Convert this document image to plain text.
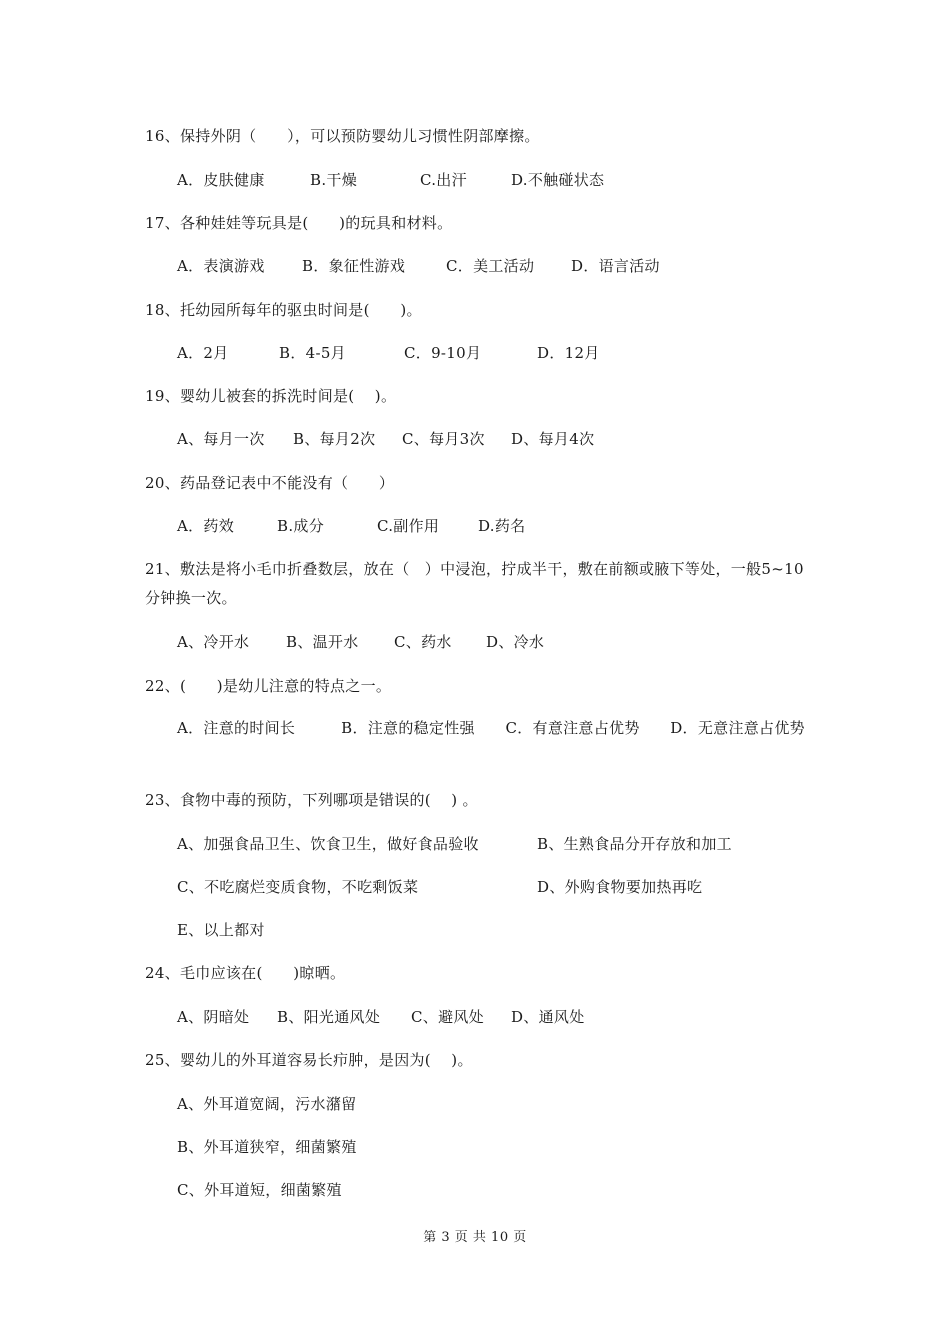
16、保持外阴（　　），可以预防婴幼儿习惯性阴部摩擦。
A．皮肤健康	B.干燥	C.出汗	D.不触碰状态
17、各种娃娃等玩具是(　　)的玩具和材料。
A．表演游戏 B．象征性游戏	C．美工活动 D．语言活动
18、托幼园所每年的驱虫时间是(　　)。
A．2月	B．4-5月	C．9-10月	D．12月
19、婴幼儿被套的拆洗时间是(　 )。
A、每月一次 B、每月2次 C、每月3次 D、每月4次
20、药品登记表中不能没有（　　）
A．药效	B.成分	C.副作用	D.药名
21、敷法是将小毛巾折叠数层，放在（　）中浸泡，拧成半干，敷在前额或腋下等处，一般5~10分钟换一次。
A、冷开水 B、温开水 C、药水 D、冷水
22、(　　)是幼儿注意的特点之一。
A．注意的时间长　　　B．注意的稳定性强　　C．有意注意占优势　　D．无意注意占优势
23、食物中毒的预防，下列哪项是错误的(　 ) 。
A、加强食品卫生、饮食卫生，做好食品验收	B、生熟食品分开存放和加工
C、不吃腐烂变质食物，不吃剩饭菜	D、外购食物要加热再吃
E、以上都对
24、毛巾应该在(　　)晾晒。
A、阴暗处 B、阳光通风处 C、避风处 D、通风处
25、婴幼儿的外耳道容易长疖肿，是因为(　 )。
A、外耳道宽阔，污水潴留
B、外耳道狭窄，细菌繁殖
C、外耳道短，细菌繁殖
第 3 页 共 10 页
